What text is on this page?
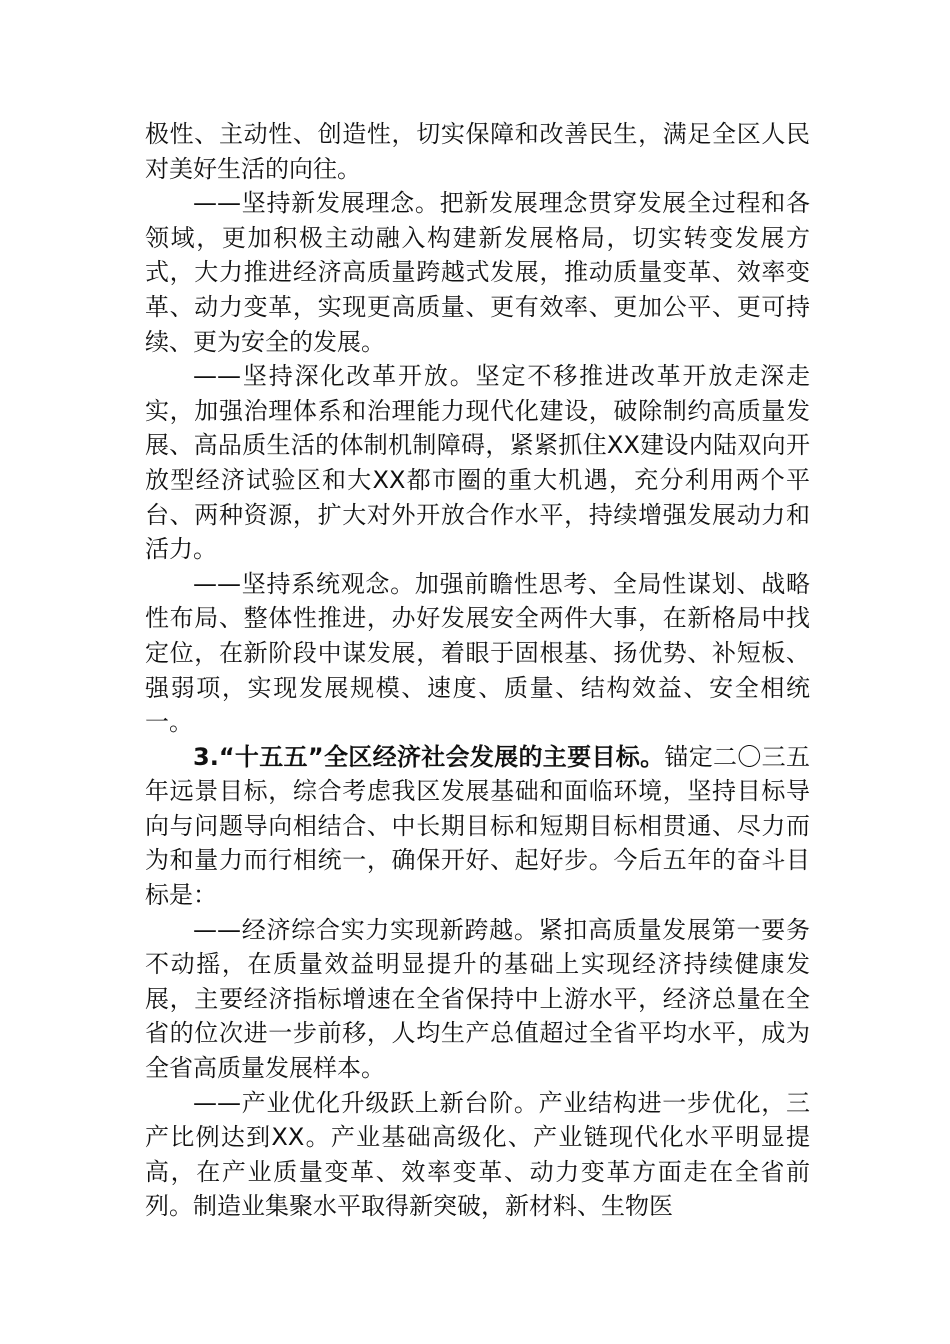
极性、主动性、创造性，切实保障和改善民生，满足全区人民对美好生活的向往。

——坚持新发展理念。把新发展理念贯穿发展全过程和各领域，更加积极主动融入构建新发展格局，切实转变发展方式，大力推进经济高质量跨越式发展，推动质量变革、效率变革、动力变革，实现更高质量、更有效率、更加公平、更可持续、更为安全的发展。

——坚持深化改革开放。坚定不移推进改革开放走深走实，加强治理体系和治理能力现代化建设，破除制约高质量发展、高品质生活的体制机制障碍，紧紧抓住XX建设内陆双向开放型经济试验区和大XX都市圈的重大机遇，充分利用两个平台、两种资源，扩大对外开放合作水平，持续增强发展动力和活力。

——坚持系统观念。加强前瞻性思考、全局性谋划、战略性布局、整体性推进，办好发展安全两件大事，在新格局中找定位，在新阶段中谋发展，着眼于固根基、扬优势、补短板、强弱项，实现发展规模、速度、质量、结构效益、安全相统一。

3.“十五五”全区经济社会发展的主要目标。锚定二〇三五年远景目标，综合考虑我区发展基础和面临环境，坚持目标导向与问题导向相结合、中长期目标和短期目标相贯通、尽力而为和量力而行相统一，确保开好、起好步。今后五年的奋斗目标是：

——经济综合实力实现新跨越。紧扣高质量发展第一要务不动摇，在质量效益明显提升的基础上实现经济持续健康发展，主要经济指标增速在全省保持中上游水平，经济总量在全省的位次进一步前移，人均生产总值超过全省平均水平，成为全省高质量发展样本。

——产业优化升级跃上新台阶。产业结构进一步优化，三产比例达到XX。产业基础高级化、产业链现代化水平明显提高，在产业质量变革、效率变革、动力变革方面走在全省前列。制造业集聚水平取得新突破，新材料、生物医
